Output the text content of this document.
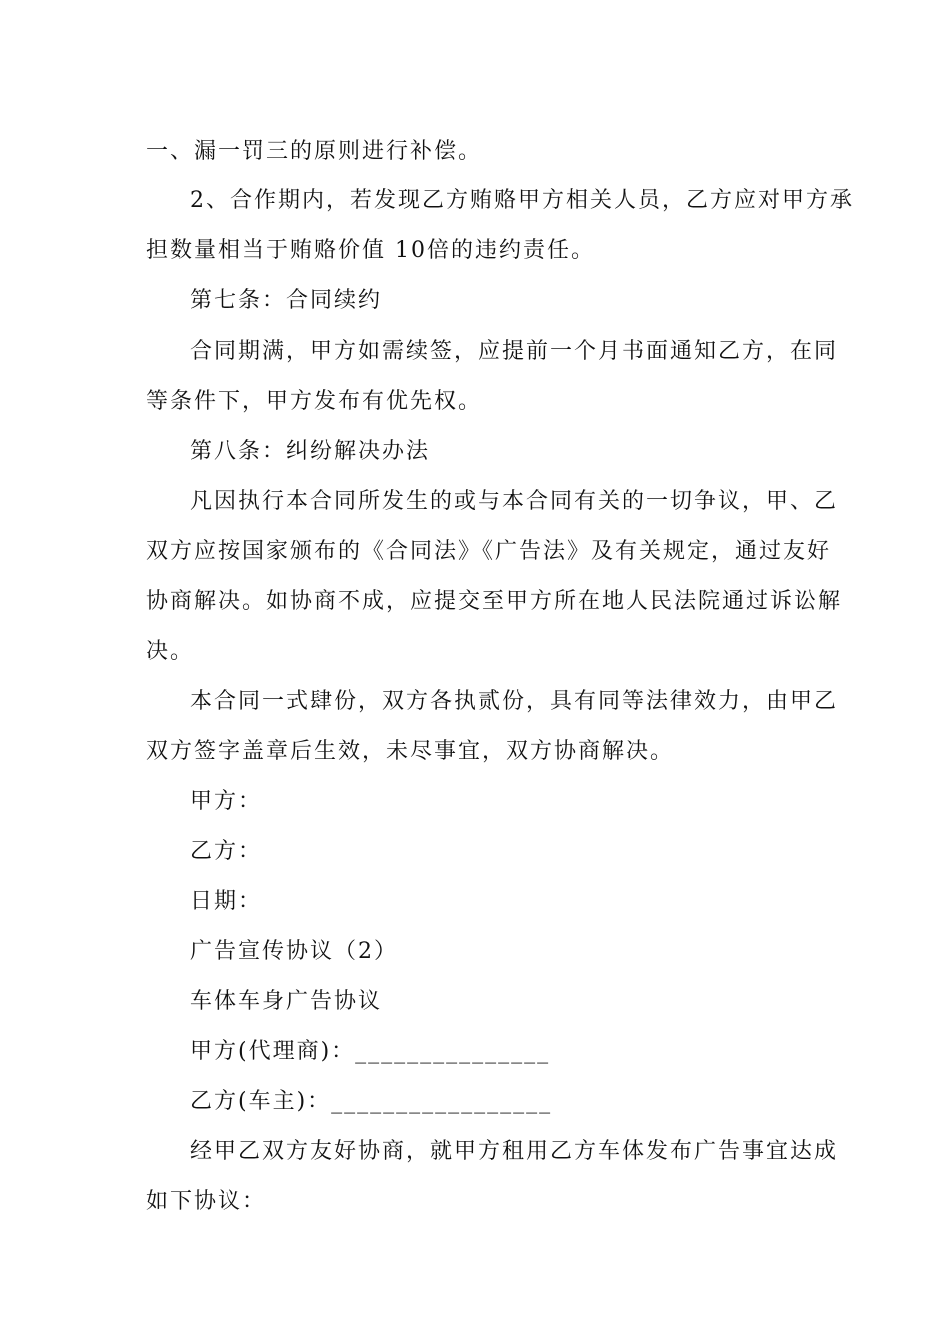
一、漏一罚三的原则进行补偿。
2、合作期内，若发现乙方贿赂甲方相关人员，乙方应对甲方承
担数量相当于贿赂价值 10倍的违约责任。
第七条：合同续约
合同期满，甲方如需续签，应提前一个月书面通知乙方，在同
等条件下，甲方发布有优先权。
第八条：纠纷解决办法
凡因执行本合同所发生的或与本合同有关的一切争议，甲、乙
双方应按国家颁布的《合同法》《广告法》及有关规定，通过友好
协商解决。如协商不成，应提交至甲方所在地人民法院通过诉讼解
决。
本合同一式肆份，双方各执贰份，具有同等法律效力，由甲乙
双方签字盖章后生效，未尽事宜，双方协商解决。
甲方：
乙方：
日期：
广告宣传协议（2）
车体车身广告协议
甲方(代理商)：_______________
乙方(车主)：_________________
经甲乙双方友好协商，就甲方租用乙方车体发布广告事宜达成
如下协议：
